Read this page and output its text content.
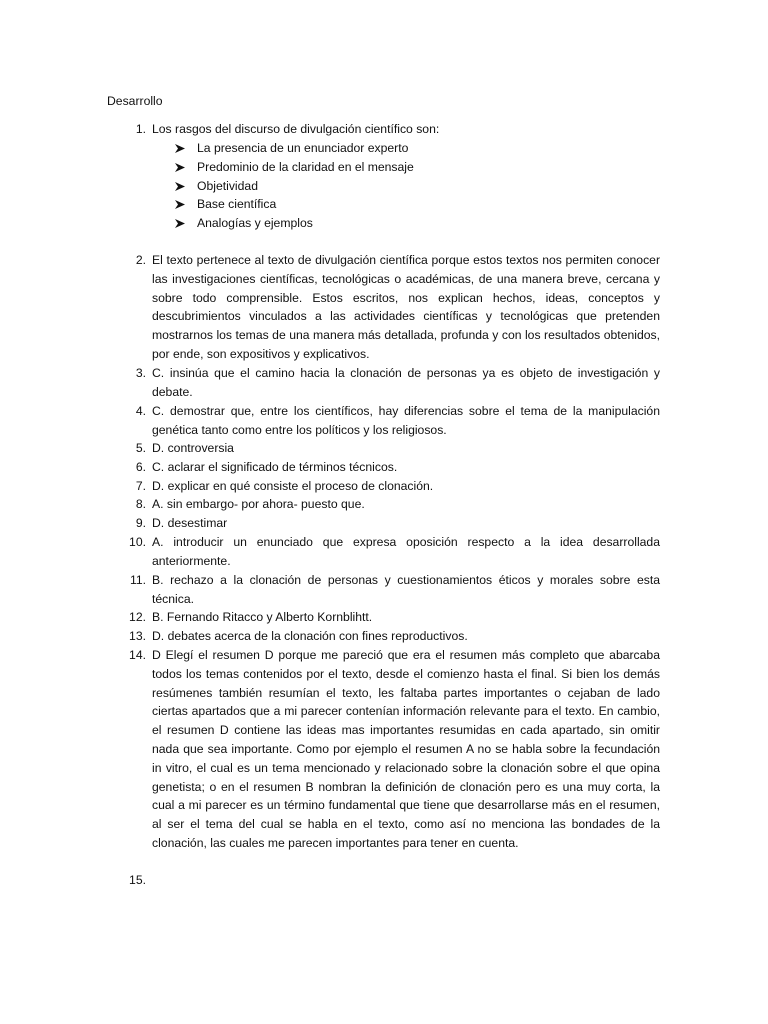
Desarrollo
1. Los rasgos del discurso de divulgación científico son:
La presencia de un enunciador experto
Predominio de la claridad en el mensaje
Objetividad
Base científica
Analogías y ejemplos
2. El texto pertenece al texto de divulgación científica porque estos textos nos permiten conocer las investigaciones científicas, tecnológicas o académicas, de una manera breve, cercana y sobre todo comprensible. Estos escritos, nos explican hechos, ideas, conceptos y descubrimientos vinculados a las actividades científicas y tecnológicas que pretenden mostrarnos los temas de una manera más detallada, profunda y con los resultados obtenidos, por ende, son expositivos y explicativos.
3. C. insinúa que el camino hacia la clonación de personas ya es objeto de investigación y debate.
4. C. demostrar que, entre los científicos, hay diferencias sobre el tema de la manipulación genética tanto como entre los políticos y los religiosos.
5. D. controversia
6. C. aclarar el significado de términos técnicos.
7. D. explicar en qué consiste el proceso de clonación.
8. A. sin embargo- por ahora- puesto que.
9. D. desestimar
10. A. introducir un enunciado que expresa oposición respecto a la idea desarrollada anteriormente.
11. B. rechazo a la clonación de personas y cuestionamientos éticos y morales sobre esta técnica.
12. B. Fernando Ritacco y Alberto Kornblihtt.
13. D. debates acerca de la clonación con fines reproductivos.
14. D Elegí el resumen D porque me pareció que era el resumen más completo que abarcaba todos los temas contenidos por el texto, desde el comienzo hasta el final. Si bien los demás resúmenes también resumían el texto, les faltaba partes importantes o cejaban de lado ciertas apartados que a mi parecer contenían información relevante para el texto. En cambio, el resumen D contiene las ideas mas importantes resumidas en cada apartado, sin omitir nada que sea importante. Como por ejemplo el resumen A no se habla sobre la fecundación in vitro, el cual es un tema mencionado y relacionado sobre la clonación sobre el que opina genetista; o en el resumen B nombran la definición de clonación pero es una muy corta, la cual a mi parecer es un término fundamental que tiene que desarrollarse más en el resumen, al ser el tema del cual se habla en el texto, como así no menciona las bondades de la clonación, las cuales me parecen importantes para tener en cuenta.
15.
